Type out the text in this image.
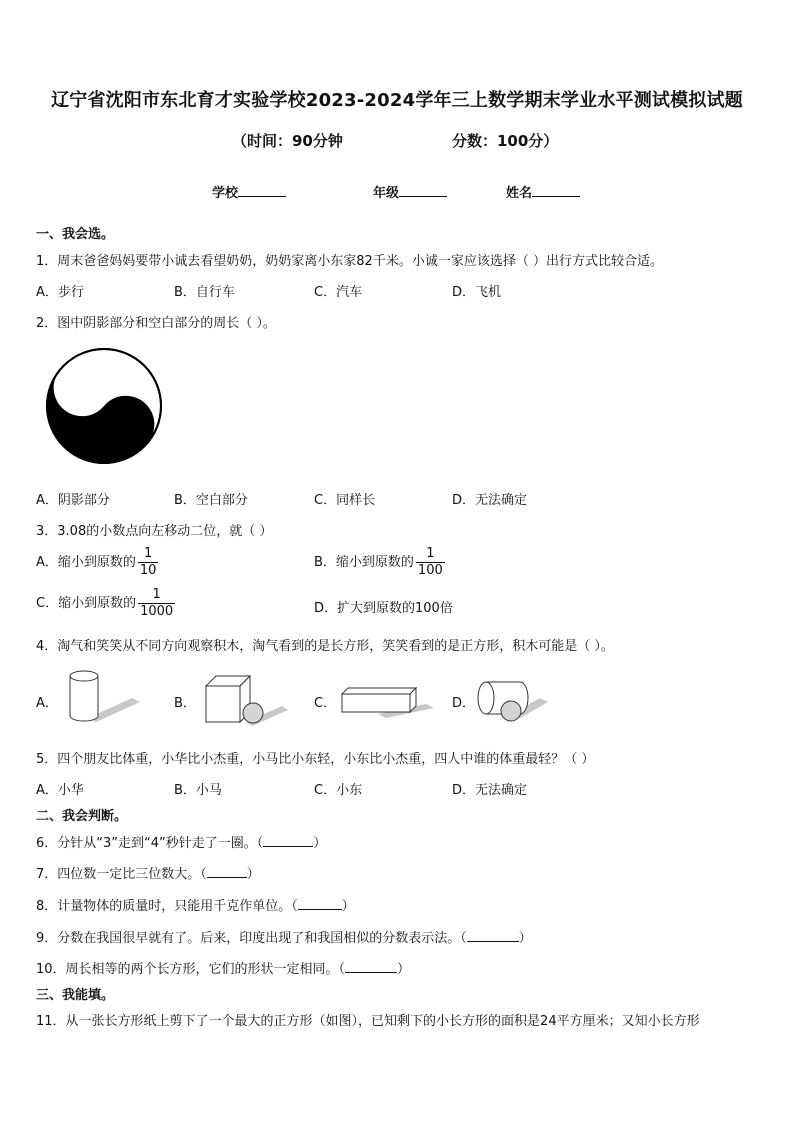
辽宁省沈阳市东北育才实验学校2023-2024学年三上数学期末学业水平测试模拟试题
（时间：90分钟	分数：100分）
学校	年级	姓名
一、我会选。
1．周末爸爸妈妈要带小诚去看望奶奶，奶奶家离小东家82千米。小诚一家应该选择（ ）出行方式比较合适。
A．步行	B．自行车	C．汽车	D．飞机
2．图中阴影部分和空白部分的周长（ ）。
A．阴影部分	B．空白部分	C．同样长	D．无法确定
3．3.08的小数点向左移动二位，就（ ）
A．缩小到原数的 $\frac{1}{10}$	B．缩小到原数的 $\frac{1}{100}$
C．缩小到原数的 $\frac{1}{1000}$	D．扩大到原数的100倍
4．淘气和笑笑从不同方向观察积木，淘气看到的是长方形，笑笑看到的是正方形，积木可能是（ ）。
A．	B．	C．	D．
5．四个朋友比体重，小华比小杰重，小马比小东轻，小东比小杰重，四人中谁的体重最轻？（ ）
A．小华	B．小马	C．小东	D．无法确定
二、我会判断。
6．分针从“3”走到“4”秒针走了一圈。（	）
7．四位数一定比三位数大。（	）
8．计量物体的质量时，只能用千克作单位。（	）
9．分数在我国很早就有了。后来，印度出现了和我国相似的分数表示法。（	）
10．周长相等的两个长方形，它们的形状一定相同。（	）
三、我能填。
11．从一张长方形纸上剪下了一个最大的正方形（如图），已知剩下的小长方形的面积是24平方厘米；又知小长方形
